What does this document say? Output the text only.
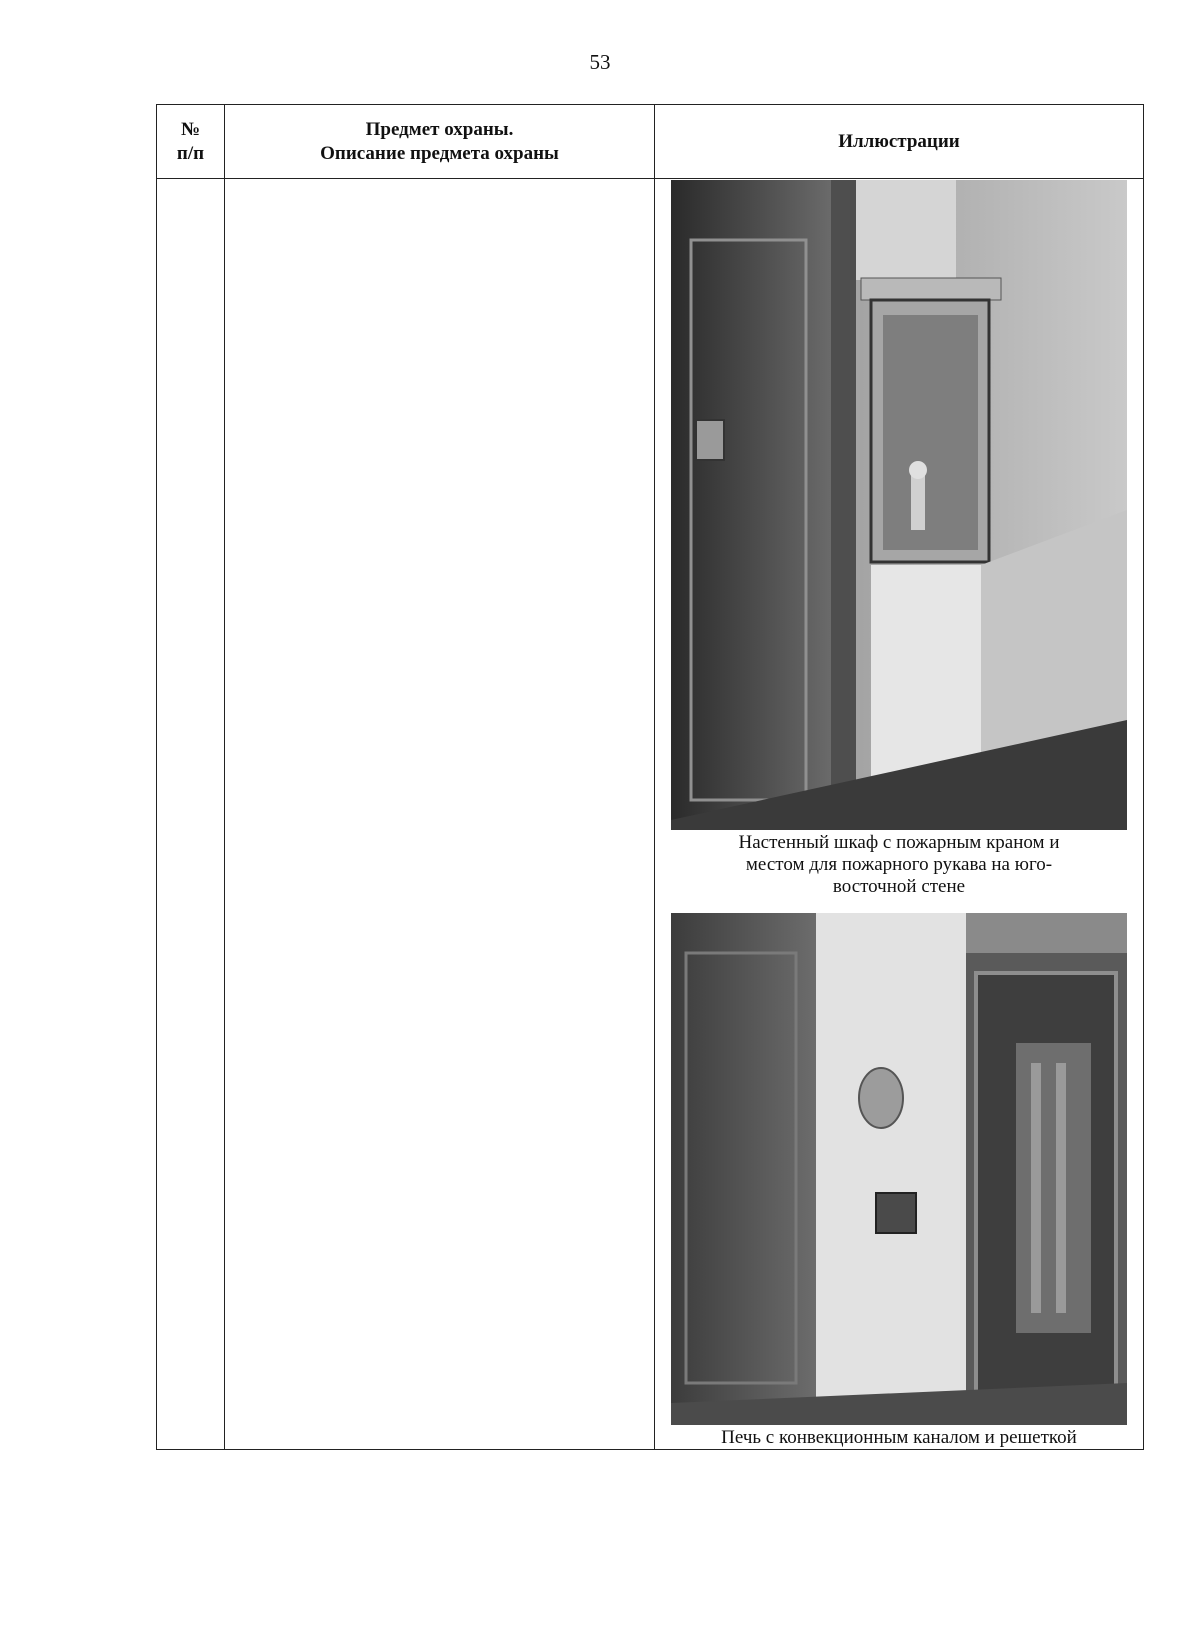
53
№
п/п
Предмет охраны.
Описание предмета охраны
Иллюстрации
Настенный шкаф с пожарным краном и
местом для пожарного рукава на юго-
восточной стене
Печь с конвекционным каналом и решеткой
